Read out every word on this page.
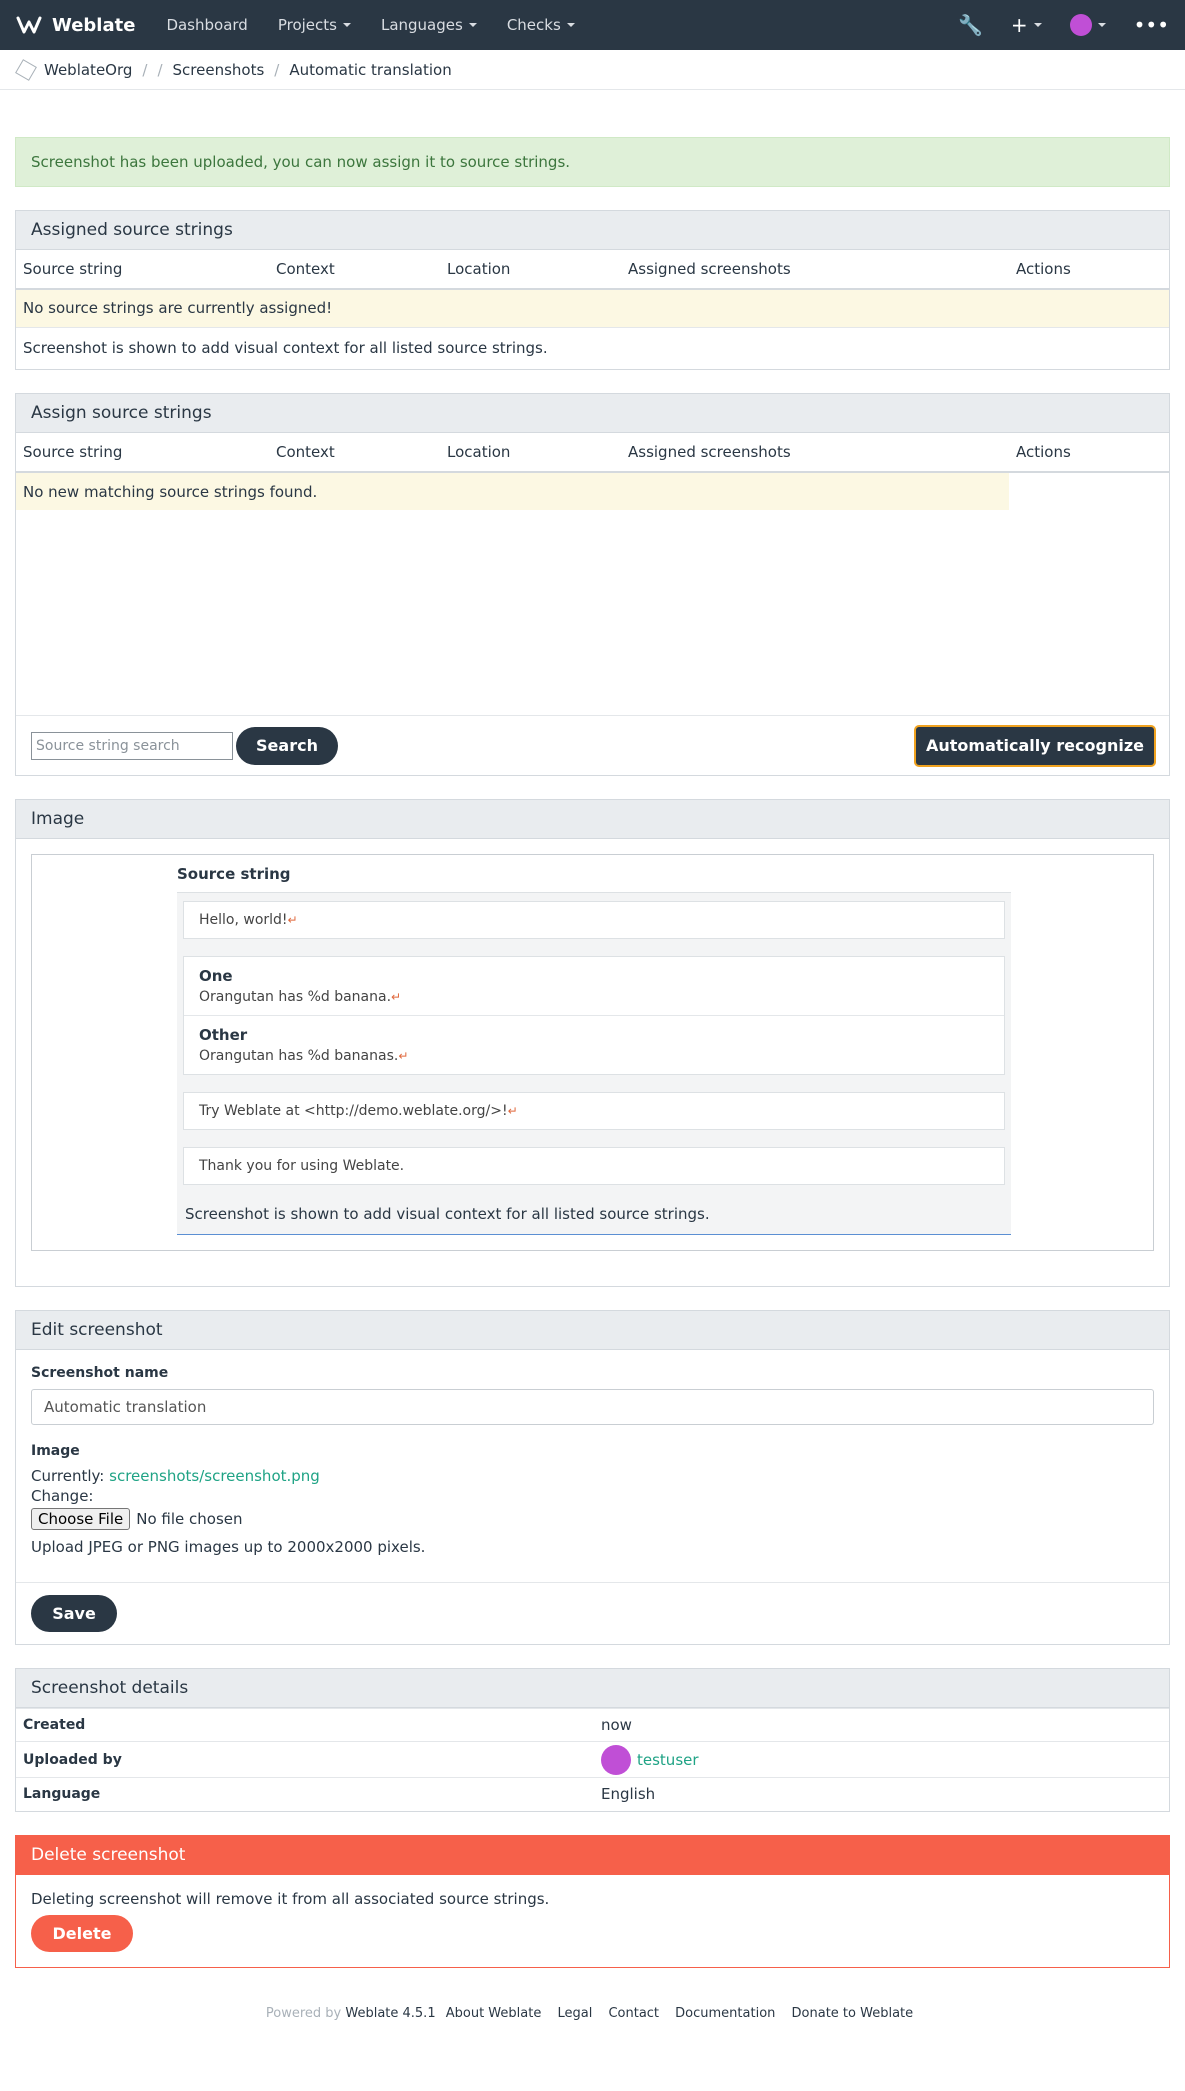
Weblate Dashboard Projects	Languages	Checks	🔧 +	•••
WeblateOrg / / Screenshots / Automatic translation
Screenshot has been uploaded, you can now assign it to source strings.
Assigned source strings
Source string	Context	Location	Assigned screenshots	Actions
No source strings are currently assigned!
Screenshot is shown to add visual context for all listed source strings.
Assign source strings
Source string	Context	Location	Assigned screenshots	Actions
No new matching source strings found.				
Source string search	Search	Automatically recognize
Image
Source string
Hello, world!↵
One
Orangutan has %d banana.↵
Other
Orangutan has %d bananas.↵
Try Weblate at <http://demo.weblate.org/>!↵
Thank you for using Weblate.
Screenshot is shown to add visual context for all listed source strings.
Edit screenshot
Screenshot name
Automatic translation
Image
Currently: screenshots/screenshot.png
Change:
Choose File No file chosen
Upload JPEG or PNG images up to 2000x2000 pixels.
Save
Screenshot details
Created	now
Uploaded by	testuser

Language	English
Delete screenshot
Deleting screenshot will remove it from all associated source strings.
Delete
Powered by Weblate 4.5.1 About Weblate Legal Contact Documentation Donate to Weblate
